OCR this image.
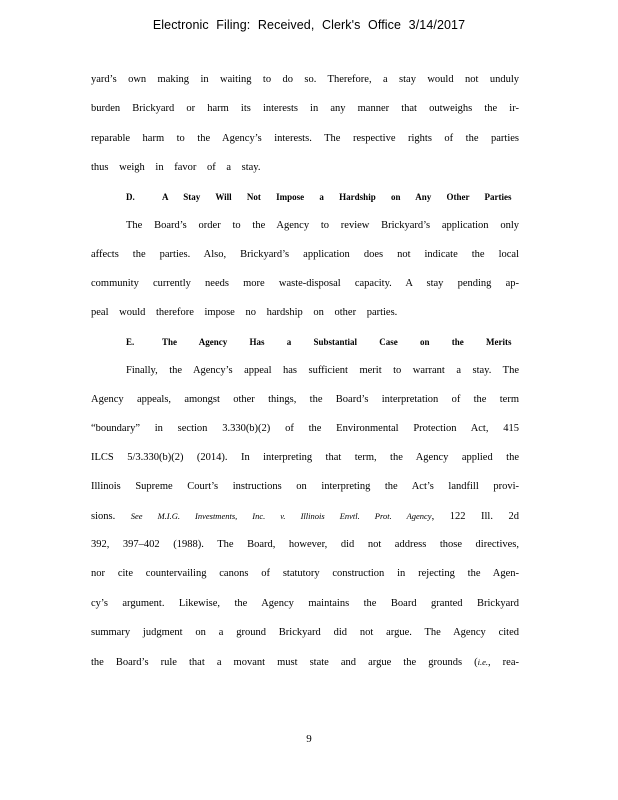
Electronic Filing: Received, Clerk's Office 3/14/2017
yard’s own making in waiting to do so. Therefore, a stay would not unduly
burden Brickyard or harm its interests in any manner that outweighs the ir-
reparable harm to the Agency’s interests. The respective rights of the parties
thus weigh in favor of a stay.
D.	A Stay Will Not Impose a Hardship on Any Other Parties
The Board’s order to the Agency to review Brickyard’s application only
affects the parties. Also, Brickyard’s application does not indicate the local
community currently needs more waste-disposal capacity. A stay pending ap-
peal would therefore impose no hardship on other parties.
E.	The Agency Has a Substantial Case on the Merits
Finally, the Agency’s appeal has sufficient merit to warrant a stay. The
Agency appeals, amongst other things, the Board’s interpretation of the term
“boundary” in section 3.330(b)(2) of the Environmental Protection Act, 415
ILCS 5/3.330(b)(2) (2014). In interpreting that term, the Agency applied the
Illinois Supreme Court’s instructions on interpreting the Act’s landfill provi-
sions. See M.I.G. Investments, Inc. v. Illinois Envtl. Prot. Agency, 122 Ill. 2d
392, 397–402 (1988). The Board, however, did not address those directives,
nor cite countervailing canons of statutory construction in rejecting the Agen-
cy’s argument. Likewise, the Agency maintains the Board granted Brickyard
summary judgment on a ground Brickyard did not argue. The Agency cited
the Board’s rule that a movant must state and argue the grounds (i.e., rea-
9
